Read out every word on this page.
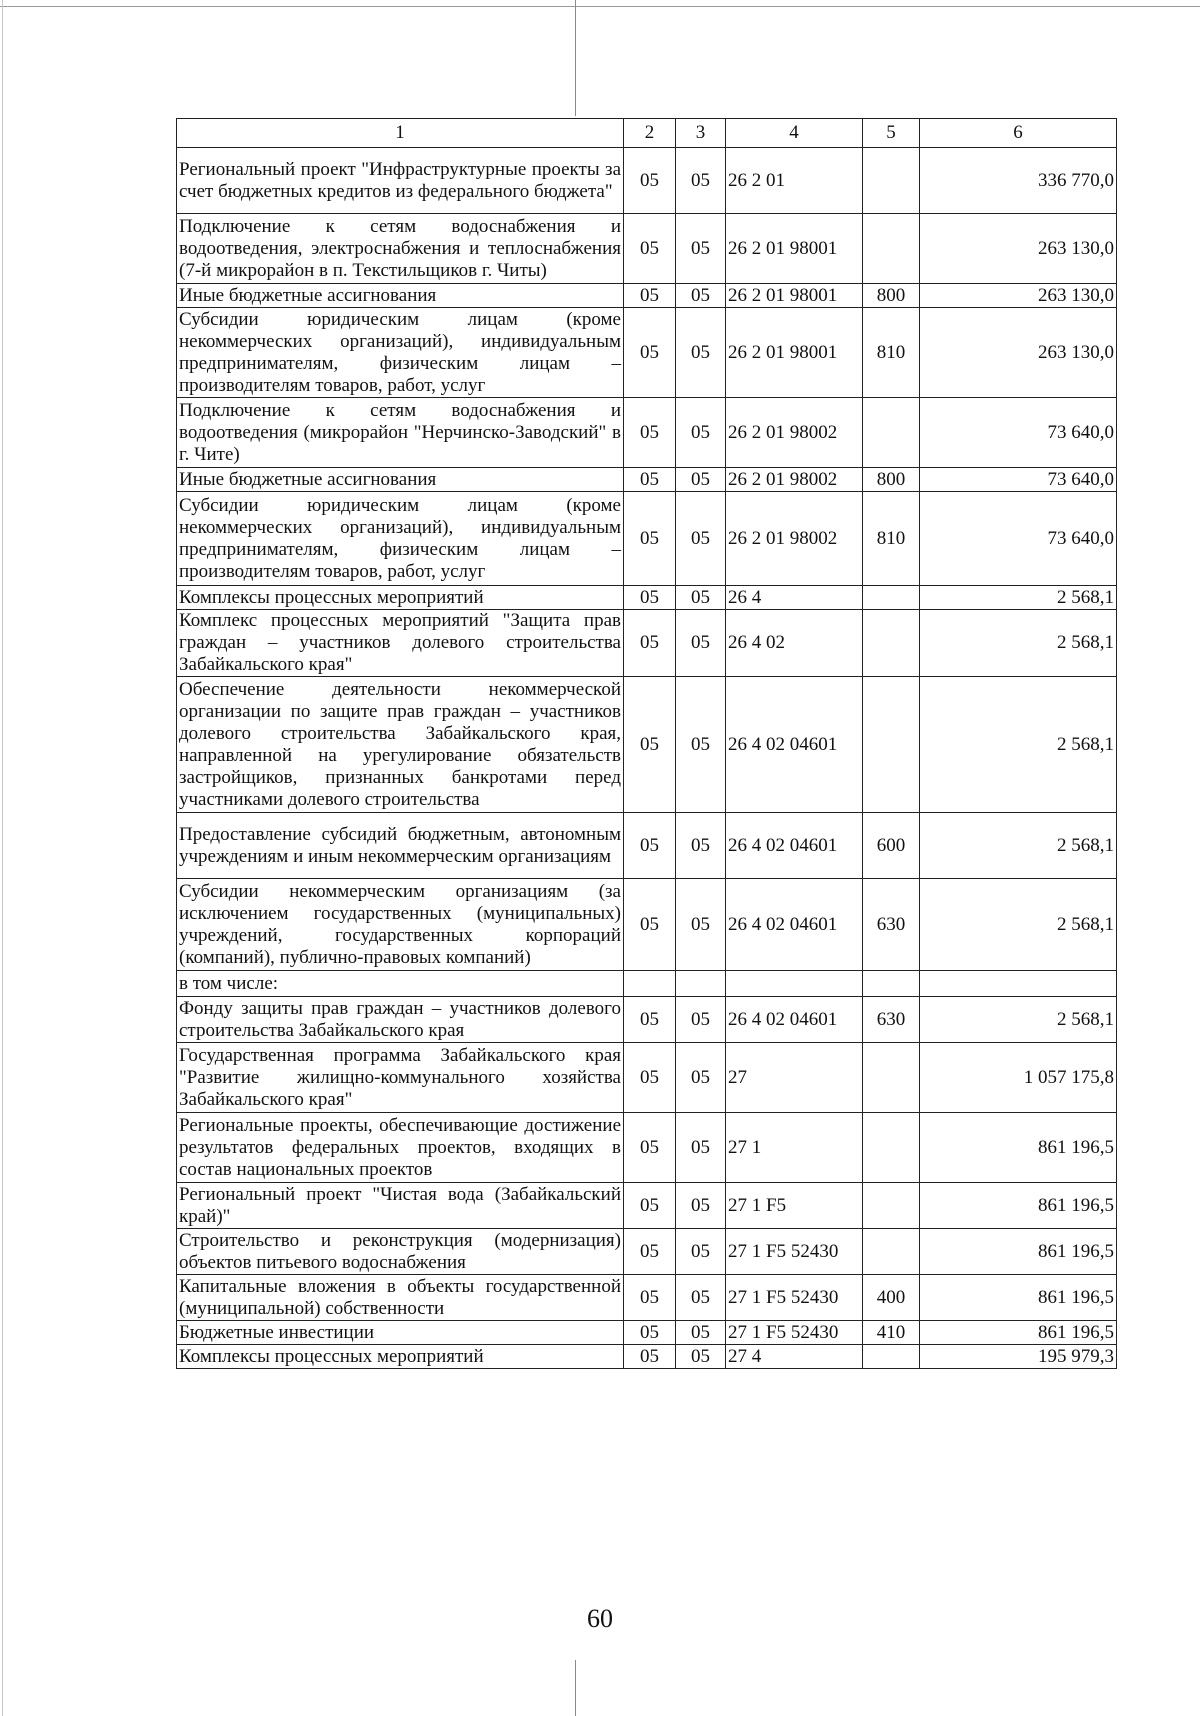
1	2	3	4	5	6
Региональный проект "Инфраструктурные проекты за счет бюджетных кредитов из федерального бюджета"	05	05	26 2 01		336 770,0
Подключение к сетям водоснабжения и водоотведения, электроснабжения и теплоснабжения (7-й микрорайон в п. Текстильщиков г. Читы)	05	05	26 2 01 98001		263 130,0
Иные бюджетные ассигнования	05	05	26 2 01 98001	800	263 130,0
Субсидии юридическим лицам (кроме некоммерческих организаций), индивидуальным предпринимателям, физическим лицам – производителям товаров, работ, услуг	05	05	26 2 01 98001	810	263 130,0
Подключение к сетям водоснабжения и водоотведения (микрорайон "Нерчинско-Заводский" в г. Чите)	05	05	26 2 01 98002		73 640,0
Иные бюджетные ассигнования	05	05	26 2 01 98002	800	73 640,0
Субсидии юридическим лицам (кроме некоммерческих организаций), индивидуальным предпринимателям, физическим лицам – производителям товаров, работ, услуг	05	05	26 2 01 98002	810	73 640,0
Комплексы процессных мероприятий	05	05	26 4		2 568,1
Комплекс процессных мероприятий "Защита прав граждан – участников долевого строительства Забайкальского края"	05	05	26 4 02		2 568,1
Обеспечение деятельности некоммерческой организации по защите прав граждан – участников долевого строительства Забайкальского края, направленной на урегулирование обязательств застройщиков, признанных банкротами перед участниками долевого строительства	05	05	26 4 02 04601		2 568,1
Предоставление субсидий бюджетным, автономным учреждениям и иным некоммерческим организациям	05	05	26 4 02 04601	600	2 568,1
Субсидии некоммерческим организациям (за исключением государственных (муниципальных) учреждений, государственных корпораций (компаний), публично-правовых компаний)	05	05	26 4 02 04601	630	2 568,1
в том числе:					
Фонду защиты прав граждан – участников долевого строительства Забайкальского края	05	05	26 4 02 04601	630	2 568,1
Государственная программа Забайкальского края "Развитие жилищно-коммунального хозяйства Забайкальского края"	05	05	27		1 057 175,8
Региональные проекты, обеспечивающие достижение результатов федеральных проектов, входящих в состав национальных проектов	05	05	27 1		861 196,5
Региональный проект "Чистая вода (Забайкальский край)"	05	05	27 1 F5		861 196,5
Строительство и реконструкция (модернизация) объектов питьевого водоснабжения	05	05	27 1 F5 52430		861 196,5
Капитальные вложения в объекты государственной (муниципальной) собственности	05	05	27 1 F5 52430	400	861 196,5
Бюджетные инвестиции	05	05	27 1 F5 52430	410	861 196,5
Комплексы процессных мероприятий	05	05	27 4		195 979,3
60
